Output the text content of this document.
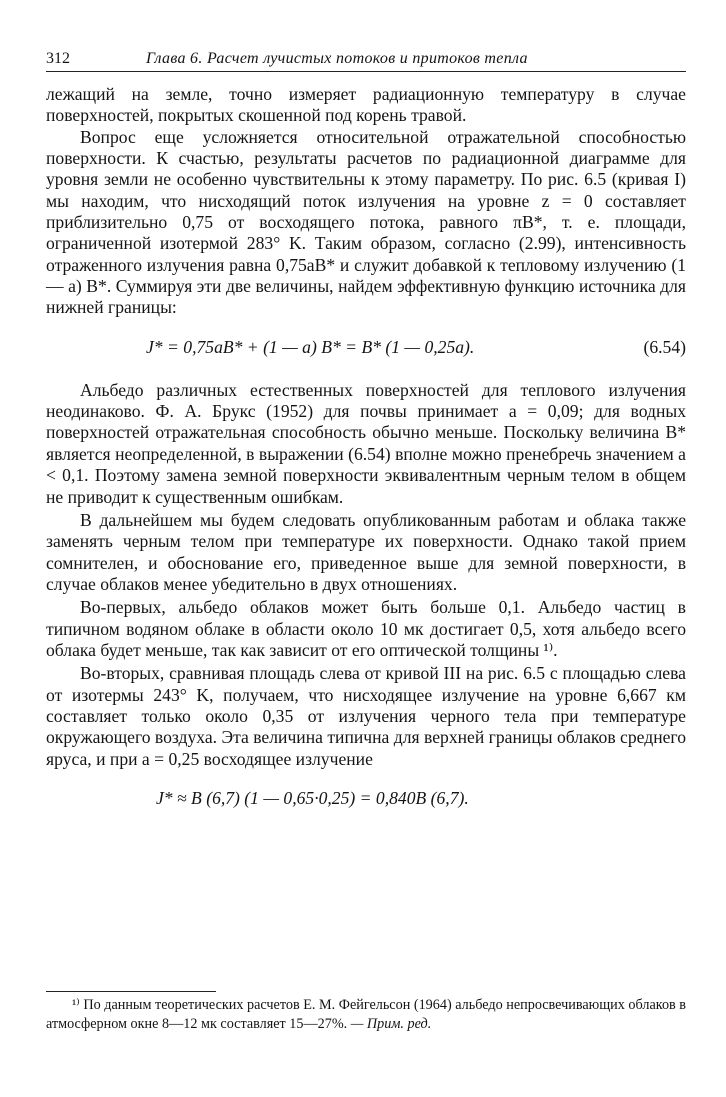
312	Глава 6. Расчет лучистых потоков и притоков тепла

лежащий на земле, точно измеряет радиационную температуру в случае поверхностей, покрытых скошенной под корень травой.

Вопрос еще усложняется относительной отражательной способностью поверхности. К счастью, результаты расчетов по радиационной диаграмме для уровня земли не особенно чувствительны к этому параметру. По рис. 6.5 (кривая I) мы находим, что нисходящий поток излучения на уровне z = 0 составляет приблизительно 0,75 от восходящего потока, равного πB*, т. е. площади, ограниченной изотермой 283° K. Таким образом, согласно (2.99), интенсивность отраженного излучения равна 0,75aB* и служит добавкой к тепловому излучению (1 — a) B*. Суммируя эти две величины, найдем эффективную функцию источника для нижней границы:

J* = 0,75aB* + (1 — a) B* = B* (1 — 0,25a).	(6.54)

Альбедо различных естественных поверхностей для теплового излучения неодинаково. Ф. А. Брукс (1952) для почвы принимает a = 0,09; для водных поверхностей отражательная способность обычно меньше. Поскольку величина B* является неопределенной, в выражении (6.54) вполне можно пренебречь значением a < 0,1. Поэтому замена земной поверхности эквивалентным черным телом в общем не приводит к существенным ошибкам.

В дальнейшем мы будем следовать опубликованным работам и облака также заменять черным телом при температуре их поверхности. Однако такой прием сомнителен, и обоснование его, приведенное выше для земной поверхности, в случае облаков менее убедительно в двух отношениях.

Во-первых, альбедо облаков может быть больше 0,1. Альбедо частиц в типичном водяном облаке в области около 10 мк достигает 0,5, хотя альбедо всего облака будет меньше, так как зависит от его оптической толщины ¹⁾.

Во-вторых, сравнивая площадь слева от кривой III на рис. 6.5 с площадью слева от изотермы 243° K, получаем, что нисходящее излучение на уровне 6,667 км составляет только около 0,35 от излучения черного тела при температуре окружающего воздуха. Эта величина типична для верхней границы облаков среднего яруса, и при a = 0,25 восходящее излучение

J* ≈ B (6,7) (1 — 0,65·0,25) = 0,840B (6,7).

¹⁾ По данным теоретических расчетов Е. М. Фейгельсон (1964) альбедо непросвечивающих облаков в атмосферном окне 8—12 мк составляет 15—27%. — Прим. ред.
